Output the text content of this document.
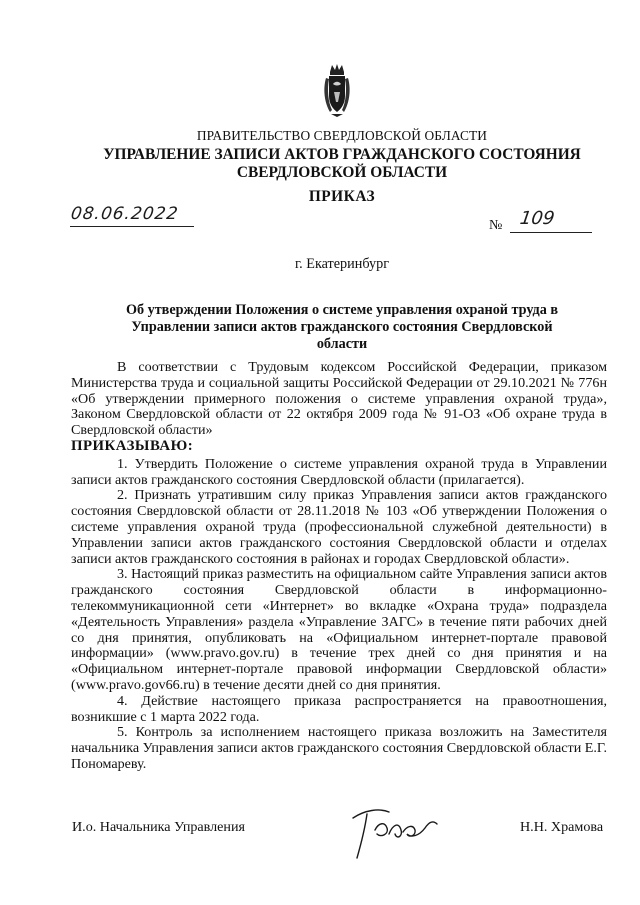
ПРАВИТЕЛЬСТВО СВЕРДЛОВСКОЙ ОБЛАСТИ
УПРАВЛЕНИЕ ЗАПИСИ АКТОВ ГРАЖДАНСКОГО СОСТОЯНИЯ СВЕРДЛОВСКОЙ ОБЛАСТИ
ПРИКАЗ
08.06.2022
№ 109
г. Екатеринбург
Об утверждении Положения о системе управления охраной труда в Управлении записи актов гражданского состояния Свердловской области

В соответствии с Трудовым кодексом Российской Федерации, приказом Министерства труда и социальной защиты Российской Федерации от 29.10.2021 № 776н «Об утверждении примерного положения о системе управления охраной труда», Законом Свердловской области от 22 октября 2009 года № 91-ОЗ «Об охране труда в Свердловской области»

ПРИКАЗЫВАЮ:

1. Утвердить Положение о системе управления охраной труда в Управлении записи актов гражданского состояния Свердловской области (прилагается).

2. Признать утратившим силу приказ Управления записи актов гражданского состояния Свердловской области от 28.11.2018 № 103 «Об утверждении Положения о системе управления охраной труда (профессиональной служебной деятельности) в Управлении записи актов гражданского состояния Свердловской области и отделах записи актов гражданского состояния в районах и городах Свердловской области».

3. Настоящий приказ разместить на официальном сайте Управления записи актов гражданского состояния Свердловской области в информационно-телекоммуникационной сети «Интернет» во вкладке «Охрана труда» подраздела «Деятельность Управления» раздела «Управление ЗАГС» в течение пяти рабочих дней со дня принятия, опубликовать на «Официальном интернет-портале правовой информации» (www.pravo.gov.ru) в течение трех дней со дня принятия и на «Официальном интернет-портале правовой информации Свердловской области» (www.pravo.gov66.ru) в течение десяти дней со дня принятия.

4. Действие настоящего приказа распространяется на правоотношения, возникшие с 1 марта 2022 года.

5. Контроль за исполнением настоящего приказа возложить на Заместителя начальника Управления записи актов гражданского состояния Свердловской области Е.Г. Пономареву.

И.о. Начальника Управления	Н.Н. Храмова
